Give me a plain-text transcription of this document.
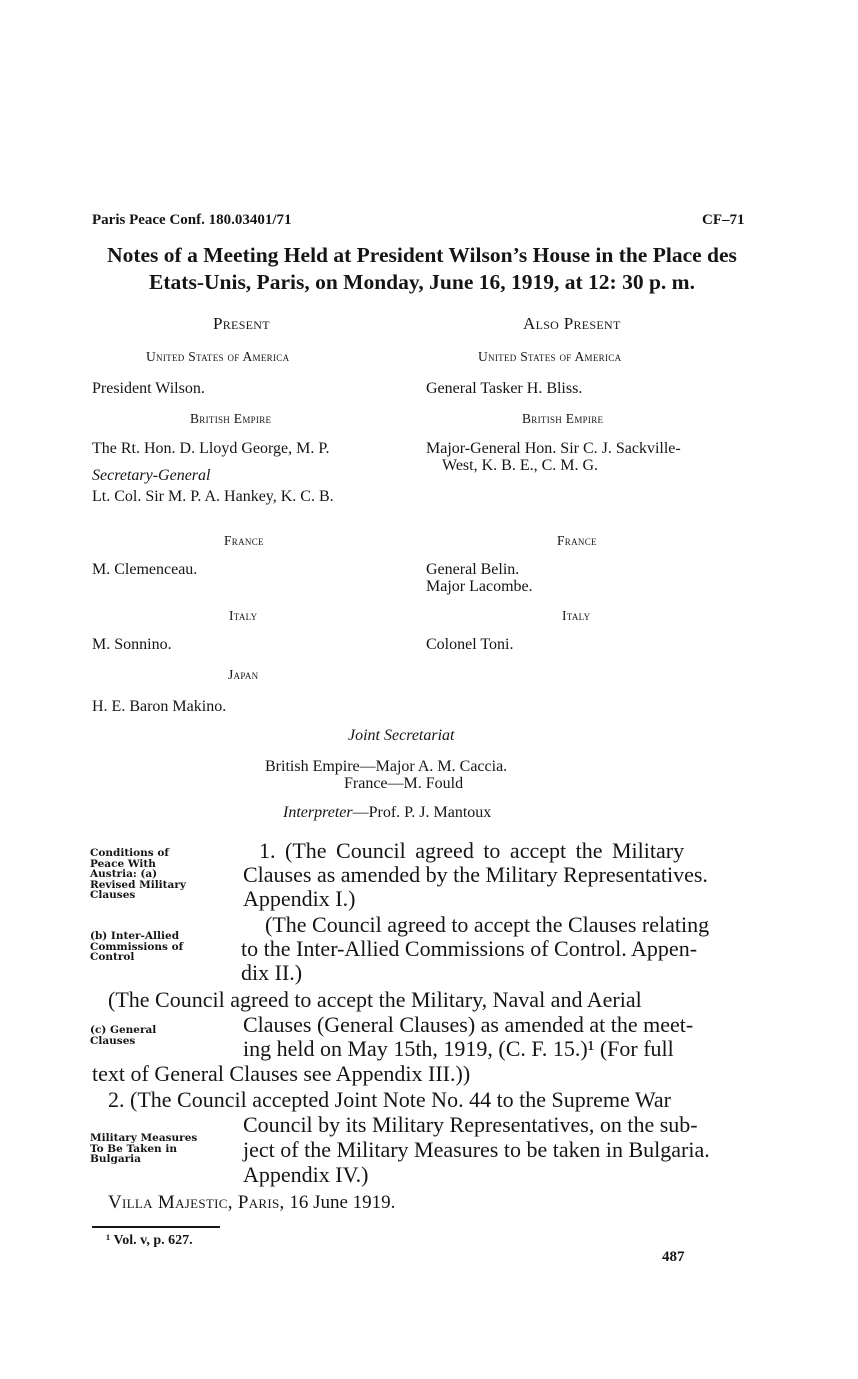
Paris Peace Conf. 180.03401/71	CF–71
Notes of a Meeting Held at President Wilson’s House in the Place des Etats-Unis, Paris, on Monday, June 16, 1919, at 12: 30 p. m.
Present
United States of America
President Wilson.
British Empire
The Rt. Hon. D. Lloyd George, M. P.
Secretary-General
Lt. Col. Sir M. P. A. Hankey, K. C. B.
France
M. Clemenceau.
Italy
M. Sonnino.
Japan
H. E. Baron Makino.
Also Present
United States of America
General Tasker H. Bliss.
British Empire
Major-General Hon. Sir C. J. Sackville-
West, K. B. E., C. M. G.
France
General Belin.
Major Lacombe.
Italy
Colonel Toni.
Joint Secretariat
British Empire—Major A. M. Caccia.
France—M. Fould
Interpreter—Prof. P. J. Mantoux
Conditions of
Peace With
Austria: (a)
Revised Military
Clauses
(b) Inter-Allied
Commissions of
Control
(c) General
Clauses
Military Measures
To Be Taken in
Bulgaria
1. (The Council agreed to accept the Military
Clauses as amended by the Military Representatives.
Appendix I.)
(The Council agreed to accept the Clauses relating
to the Inter-Allied Commissions of Control. Appen-
dix II.)
(The Council agreed to accept the Military, Naval and Aerial
Clauses (General Clauses) as amended at the meet-
ing held on May 15th, 1919, (C. F. 15.)¹ (For full
text of General Clauses see Appendix III.))
2. (The Council accepted Joint Note No. 44 to the Supreme War
Council by its Military Representatives, on the sub-
ject of the Military Measures to be taken in Bulgaria.
Appendix IV.)
Villa Majestic, Paris, 16 June 1919.
¹ Vol. v, p. 627.
487
